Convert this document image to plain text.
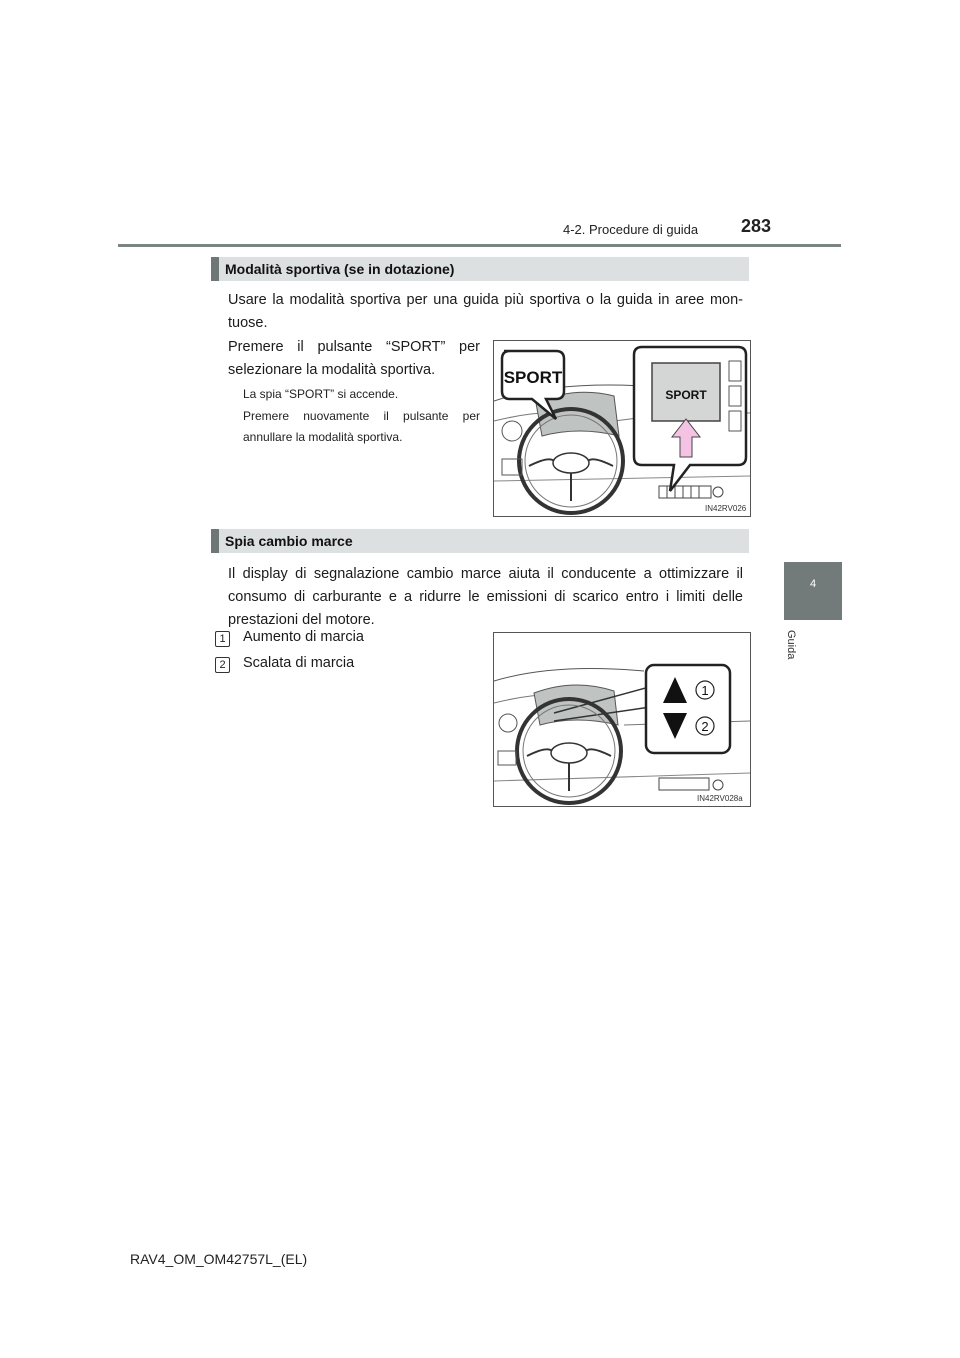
4-2. Procedure di guida 283
4
Guida
Modalità sportiva (se in dotazione)
Usare la modalità sportiva per una guida più sportiva o la guida in aree mon-tuose.
Premere il pulsante “SPORT” per selezionare la modalità sportiva.
La spia “SPORT” si accende.
Premere nuovamente il pulsante per annullare la modalità sportiva.
SPORT
SPORT
IN42RV026
Spia cambio marce
Il display di segnalazione cambio marce aiuta il conducente a ottimizzare il consumo di carburante e a ridurre le emissioni di scarico entro i limiti delle prestazioni del motore.
1	Aumento di marcia
2	Scalata di marcia
1
2
IN42RV028a
RAV4_OM_OM42757L_(EL)
